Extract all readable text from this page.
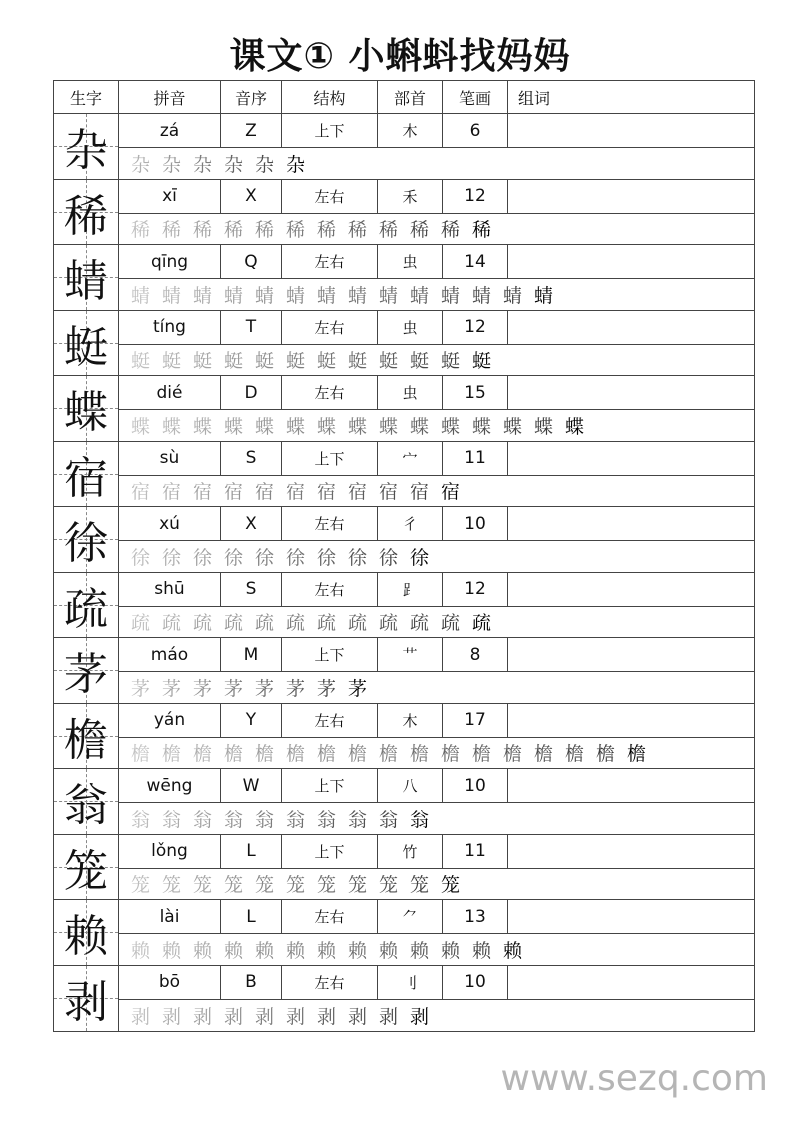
课文① 小蝌蚪找妈妈
生字	拼音	音序	结构	部首	笔画	组词
杂	zá	Z	上下	木	6
杂 杂 杂 杂 杂 杂
稀	xī	X	左右	禾	12
稀 稀 稀 稀 稀 稀 稀 稀 稀 稀 稀 稀
蜻	qīng	Q	左右	虫	14
蜻 蜻 蜻 蜻 蜻 蜻 蜻 蜻 蜻 蜻 蜻 蜻 蜻 蜻
蜓	tíng	T	左右	虫	12
蜓 蜓 蜓 蜓 蜓 蜓 蜓 蜓 蜓 蜓 蜓 蜓
蝶	dié	D	左右	虫	15
蝶 蝶 蝶 蝶 蝶 蝶 蝶 蝶 蝶 蝶 蝶 蝶 蝶 蝶 蝶
宿	sù	S	上下	宀	11
宿 宿 宿 宿 宿 宿 宿 宿 宿 宿 宿
徐	xú	X	左右	彳	10
徐 徐 徐 徐 徐 徐 徐 徐 徐 徐
疏	shū	S	左右	⻊	12
疏 疏 疏 疏 疏 疏 疏 疏 疏 疏 疏 疏
茅	máo	M	上下	艹	8
茅 茅 茅 茅 茅 茅 茅 茅
檐	yán	Y	左右	木	17
檐 檐 檐 檐 檐 檐 檐 檐 檐 檐 檐 檐 檐 檐 檐 檐 檐
翁	wēng	W	上下	八	10
翁 翁 翁 翁 翁 翁 翁 翁 翁 翁
笼	lǒng	L	上下	竹	11
笼 笼 笼 笼 笼 笼 笼 笼 笼 笼 笼
赖	lài	L	左右	⺈	13
赖 赖 赖 赖 赖 赖 赖 赖 赖 赖 赖 赖 赖
剥	bō	B	左右	刂	10
剥 剥 剥 剥 剥 剥 剥 剥 剥 剥
www.sezq.com
